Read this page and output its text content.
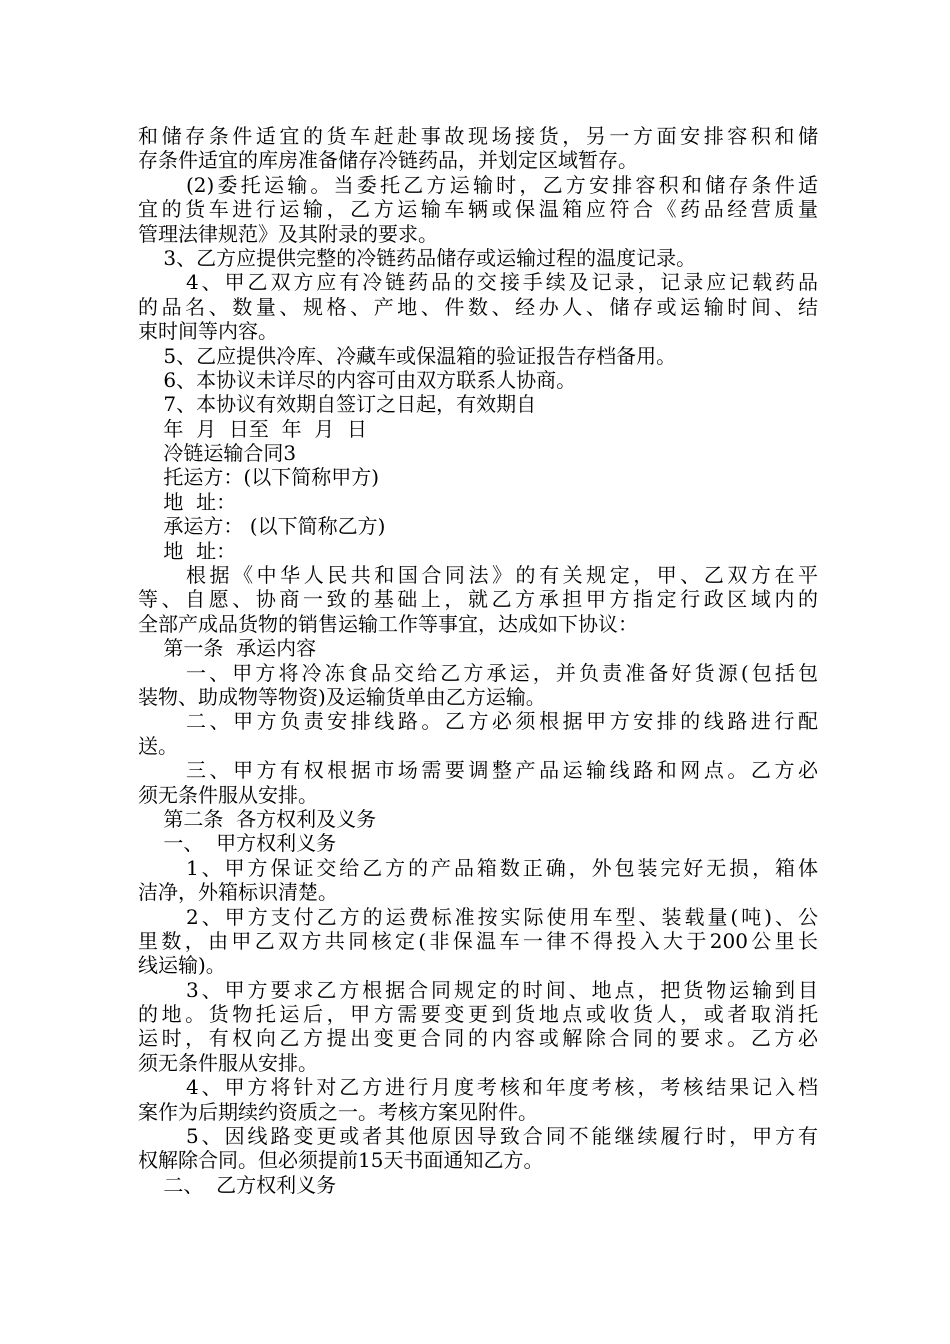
和储存条件适宜的货车赶赴事故现场接货，另一方面安排容积和储
存条件适宜的库房准备储存冷链药品，并划定区域暂存。
(2)委托运输。当委托乙方运输时，乙方安排容积和储存条件适
宜的货车进行运输，乙方运输车辆或保温箱应符合《药品经营质量
管理法律规范》及其附录的要求。
3、乙方应提供完整的冷链药品储存或运输过程的温度记录。
4、甲乙双方应有冷链药品的交接手续及记录，记录应记载药品
的品名、数量、规格、产地、件数、经办人、储存或运输时间、结
束时间等内容。
5、乙应提供冷库、冷藏车或保温箱的验证报告存档备用。
6、本协议未详尽的内容可由双方联系人协商。
7、本协议有效期自签订之日起，有效期自
年  月  日至  年  月  日
冷链运输合同3
托运方：(以下简称甲方)
地  址：
承运方： (以下简称乙方)
地  址：
根据《中华人民共和国合同法》的有关规定，甲、乙双方在平
等、自愿、协商一致的基础上，就乙方承担甲方指定行政区域内的
全部产成品货物的销售运输工作等事宜，达成如下协议：
第一条  承运内容
一、甲方将冷冻食品交给乙方承运，并负责准备好货源(包括包
装物、助成物等物资)及运输货单由乙方运输。
二、甲方负责安排线路。乙方必须根据甲方安排的线路进行配
送。
三、甲方有权根据市场需要调整产品运输线路和网点。乙方必
须无条件服从安排。
第二条  各方权利及义务
一、  甲方权利义务
1、甲方保证交给乙方的产品箱数正确，外包装完好无损，箱体
洁净，外箱标识清楚。
2、甲方支付乙方的运费标准按实际使用车型、装载量(吨)、公
里数，由甲乙双方共同核定(非保温车一律不得投入大于200公里长
线运输)。
3、甲方要求乙方根据合同规定的时间、地点，把货物运输到目
的地。货物托运后，甲方需要变更到货地点或收货人，或者取消托
运时，有权向乙方提出变更合同的内容或解除合同的要求。乙方必
须无条件服从安排。
4、甲方将针对乙方进行月度考核和年度考核，考核结果记入档
案作为后期续约资质之一。考核方案见附件。
5、因线路变更或者其他原因导致合同不能继续履行时，甲方有
权解除合同。但必须提前15天书面通知乙方。
二、  乙方权利义务
